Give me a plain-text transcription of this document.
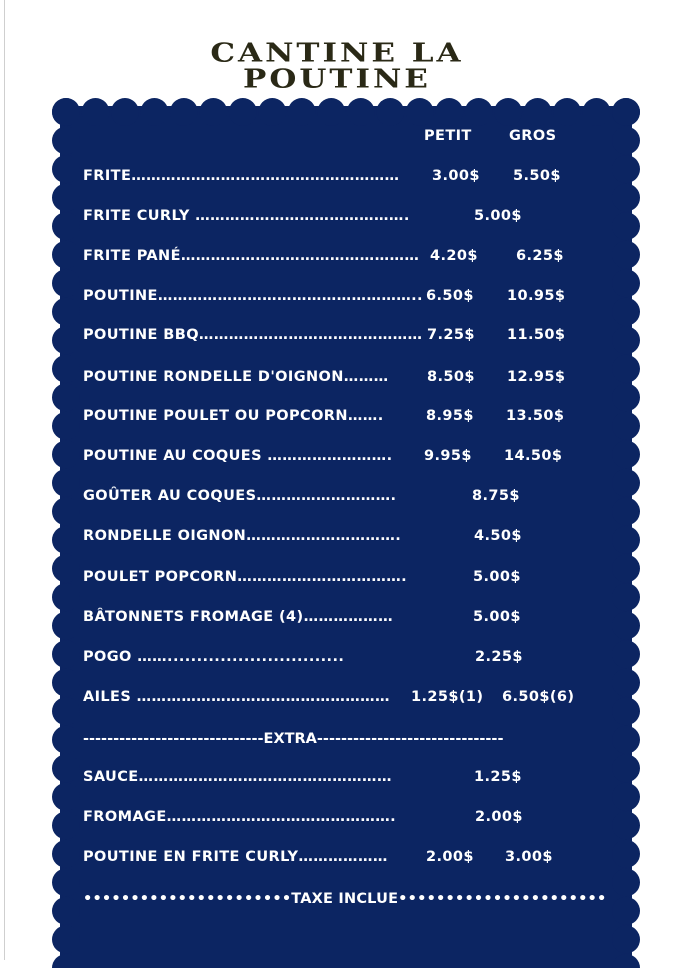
CANTINE LA
POUTINE
PETIT	GROS
FRITE……………………………………………… 3.00$ 5.50$
FRITE CURLY …………………………………….	5.00$
FRITE PANÉ………………………………………… 4.20$	6.25$
POUTINE…………………………………………….. 6.50$ 10.95$
POUTINE BBQ……………………………………… 7.25$ 11.50$
POUTINE RONDELLE D'OIGNON………	8.50$ 12.95$
POUTINE POULET OU POPCORN…….	8.95$ 13.50$
POUTINE AU COQUES ……………………. 9.95$ 14.50$
GOÛTER AU COQUES……………………….	8.75$
RONDELLE OIGNON………………………….	4.50$
POULET POPCORN…………………………….	5.00$
BÂTONNETS FROMAGE (4)………………	5.00$
POGO ……..............................	2.25$
AILES …………………………………………… 1.25$(1) 6.50$(6)
------------------------------EXTRA-------------------------------
SAUCE……………………………………………	1.25$
FROMAGE……………………………………….	2.00$
POUTINE EN FRITE CURLY………………	2.00$ 3.00$
••••••••••••••••••••••TAXE INCLUE••••••••••••••••••••••
